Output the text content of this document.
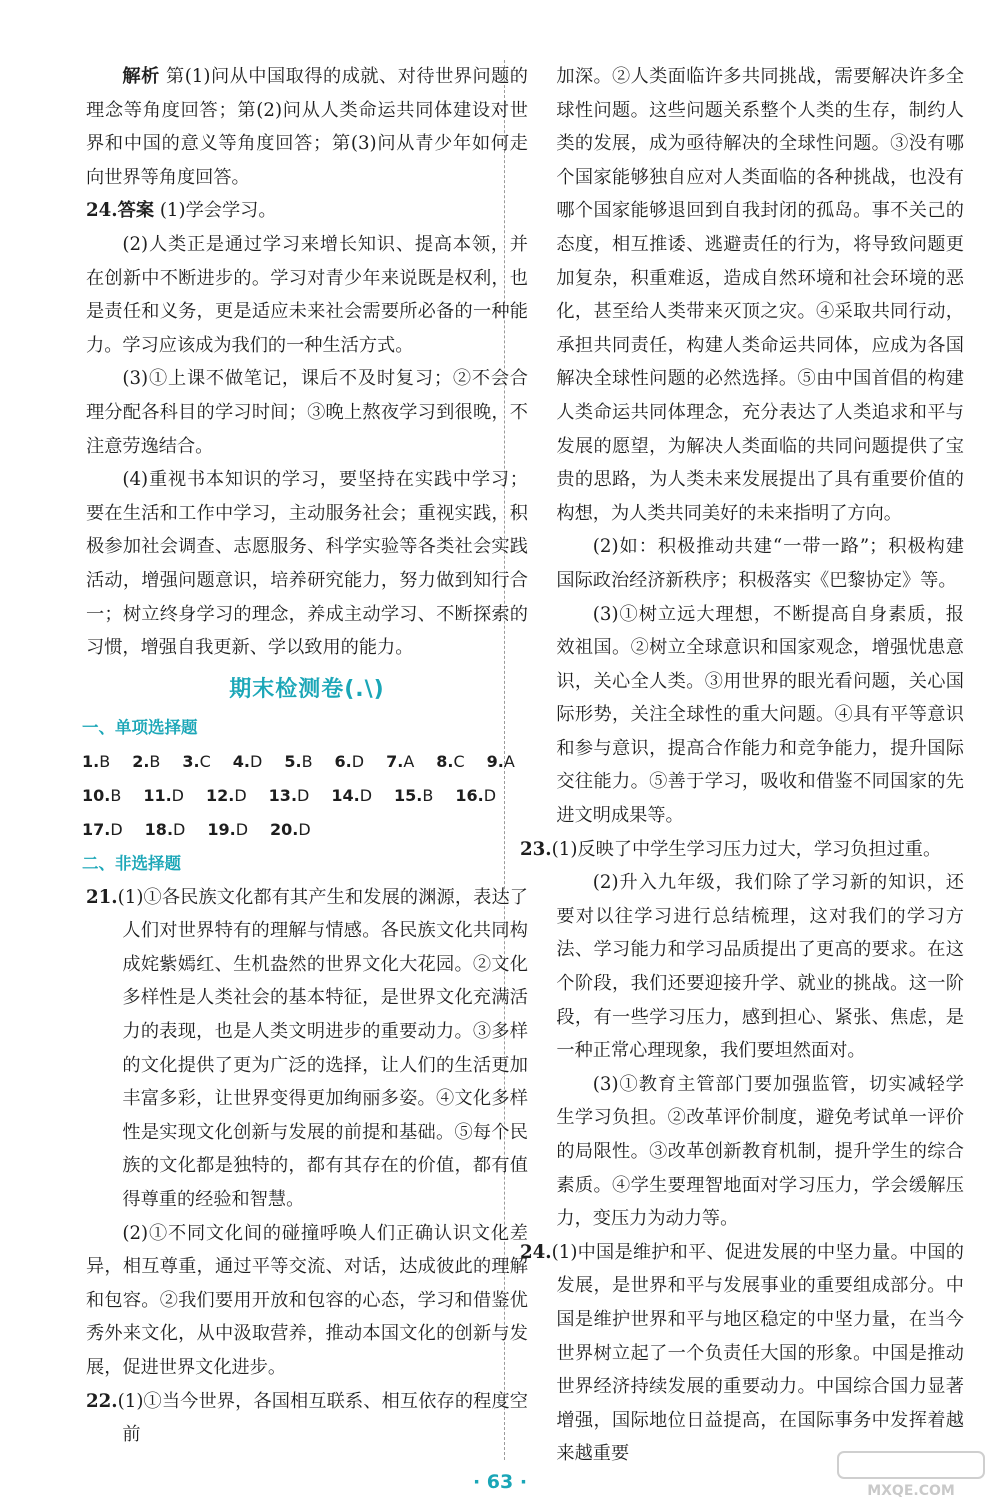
解析 第(1)问从中国取得的成就、对待世界问题的理念等角度回答；第(2)问从人类命运共同体建设对世界和中国的意义等角度回答；第(3)问从青少年如何走向世界等角度回答。

24.答案 (1)学会学习。

(2)人类正是通过学习来增长知识、提高本领，并在创新中不断进步的。学习对青少年来说既是权利，也是责任和义务，更是适应未来社会需要所必备的一种能力。学习应该成为我们的一种生活方式。

(3)①上课不做笔记，课后不及时复习；②不会合理分配各科目的学习时间；③晚上熬夜学习到很晚，不注意劳逸结合。

(4)重视书本知识的学习，要坚持在实践中学习；要在生活和工作中学习，主动服务社会；重视实践，积极参加社会调查、志愿服务、科学实验等各类社会实践活动，增强问题意识，培养研究能力，努力做到知行合一；树立终身学习的理念，养成主动学习、不断探索的习惯，增强自我更新、学以致用的能力。

期末检测卷(.\)
一、单项选择题
1.B 2.B 3.C 4.D 5.B 6.D 7.A 8.C 9.A
10.B 11.D 12.D 13.D 14.D 15.B 16.D
17.D 18.D 19.D 20.D
二、非选择题

21.(1)①各民族文化都有其产生和发展的渊源，表达了人们对世界特有的理解与情感。各民族文化共同构成姹紫嫣红、生机盎然的世界文化大花园。②文化多样性是人类社会的基本特征，是世界文化充满活力的表现，也是人类文明进步的重要动力。③多样的文化提供了更为广泛的选择，让人们的生活更加丰富多彩，让世界变得更加绚丽多姿。④文化多样性是实现文化创新与发展的前提和基础。⑤每个民族的文化都是独特的，都有其存在的价值，都有值得尊重的经验和智慧。

(2)①不同文化间的碰撞呼唤人们正确认识文化差异，相互尊重，通过平等交流、对话，达成彼此的理解和包容。②我们要用开放和包容的心态，学习和借鉴优秀外来文化，从中汲取营养，推动本国文化的创新与发展，促进世界文化进步。

22.(1)①当今世界，各国相互联系、相互依存的程度空前

加深。②人类面临许多共同挑战，需要解决许多全球性问题。这些问题关系整个人类的生存，制约人类的发展，成为亟待解决的全球性问题。③没有哪个国家能够独自应对人类面临的各种挑战，也没有哪个国家能够退回到自我封闭的孤岛。事不关己的态度，相互推诿、逃避责任的行为，将导致问题更加复杂，积重难返，造成自然环境和社会环境的恶化，甚至给人类带来灭顶之灾。④采取共同行动，承担共同责任，构建人类命运共同体，应成为各国解决全球性问题的必然选择。⑤由中国首倡的构建人类命运共同体理念，充分表达了人类追求和平与发展的愿望，为解决人类面临的共同问题提供了宝贵的思路，为人类未来发展提出了具有重要价值的构想，为人类共同美好的未来指明了方向。

(2)如：积极推动共建“一带一路”；积极构建国际政治经济新秩序；积极落实《巴黎协定》等。

(3)①树立远大理想，不断提高自身素质，报效祖国。②树立全球意识和国家观念，增强忧患意识，关心全人类。③用世界的眼光看问题，关心国际形势，关注全球性的重大问题。④具有平等意识和参与意识，提高合作能力和竞争能力，提升国际交往能力。⑤善于学习，吸收和借鉴不同国家的先进文明成果等。

23.(1)反映了中学生学习压力过大，学习负担过重。

(2)升入九年级，我们除了学习新的知识，还要对以往学习进行总结梳理，这对我们的学习方法、学习能力和学习品质提出了更高的要求。在这个阶段，我们还要迎接升学、就业的挑战。这一阶段，有一些学习压力，感到担心、紧张、焦虑，是一种正常心理现象，我们要坦然面对。

(3)①教育主管部门要加强监管，切实减轻学生学习负担。②改革评价制度，避免考试单一评价的局限性。③改革创新教育机制，提升学生的综合素质。④学生要理智地面对学习压力，学会缓解压力，变压力为动力等。

24.(1)中国是维护和平、促进发展的中坚力量。中国的发展，是世界和平与发展事业的重要组成部分。中国是维护世界和平与地区稳定的中坚力量，在当今世界树立起了一个负责任大国的形象。中国是推动世界经济持续发展的重要动力。中国综合国力显著增强，国际地位日益提高，在国际事务中发挥着越来越重要

· 63 ·	MXQE.COM
